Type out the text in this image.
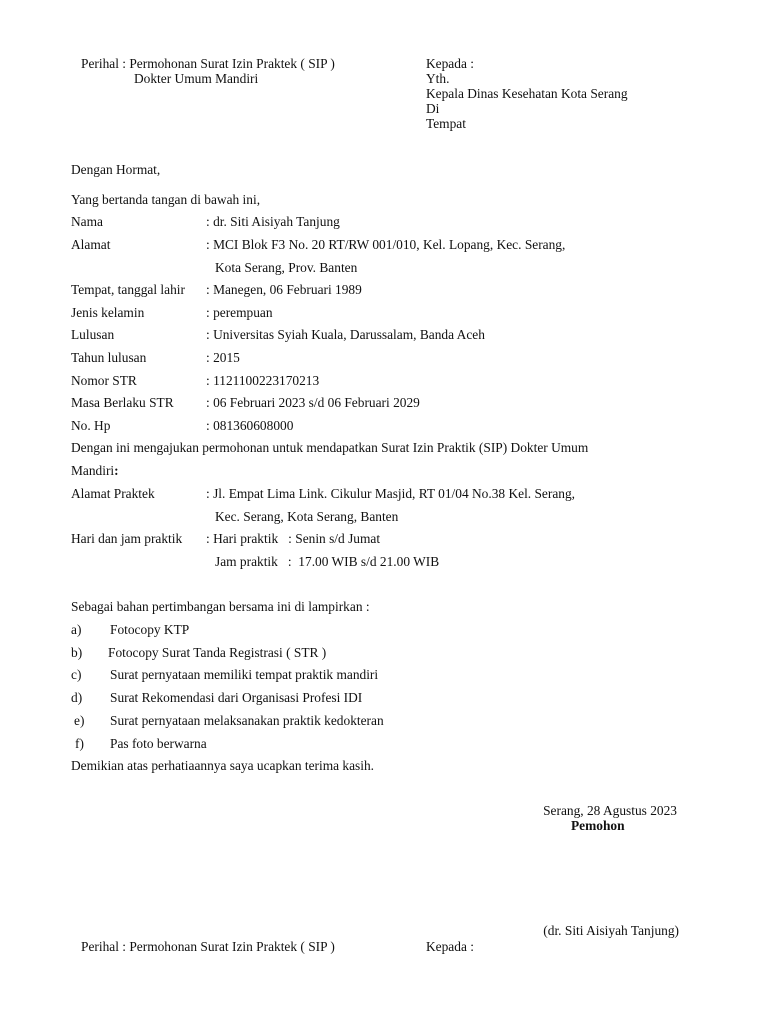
Perihal : Permohonan Surat Izin Praktek ( SIP )
Dokter Umum Mandiri
Kepada :
Yth.
Kepala Dinas Kesehatan Kota Serang
Di
Tempat
Dengan Hormat,
Yang bertanda tangan di bawah ini,
Nama	: dr. Siti Aisiyah Tanjung
Alamat	: MCI Blok F3 No. 20 RT/RW 001/010, Kel. Lopang, Kec. Serang,
Kota Serang, Prov. Banten
Tempat, tanggal lahir : Manegen, 06 Februari 1989
Jenis kelamin	: perempuan
Lulusan	: Universitas Syiah Kuala, Darussalam, Banda Aceh
Tahun lulusan	: 2015
Nomor STR	: 1121100223170213
Masa Berlaku STR : 06 Februari 2023 s/d 06 Februari 2029
No. Hp	: 081360608000
Dengan ini mengajukan permohonan untuk mendapatkan Surat Izin Praktik (SIP) Dokter Umum
Mandiri:
Alamat Praktek	: Jl. Empat Lima Link. Cikulur Masjid, RT 01/04 No.38 Kel. Serang,
Kec. Serang, Kota Serang, Banten
Hari dan jam praktik : Hari praktik   : Senin s/d Jumat
Jam praktik   :  17.00 WIB s/d 21.00 WIB
Sebagai bahan pertimbangan bersama ini di lampirkan :
a) Fotocopy KTP
b) Fotocopy Surat Tanda Registrasi ( STR )
c) Surat pernyataan memiliki tempat praktik mandiri
d) Surat Rekomendasi dari Organisasi Profesi IDI
e) Surat pernyataan melaksanakan praktik kedokteran
f) Pas foto berwarna
Demikian atas perhatiaannya saya ucapkan terima kasih.
Serang, 28 Agustus 2023
Pemohon
(dr. Siti Aisiyah Tanjung)
Perihal : Permohonan Surat Izin Praktek ( SIP )	Kepada :
